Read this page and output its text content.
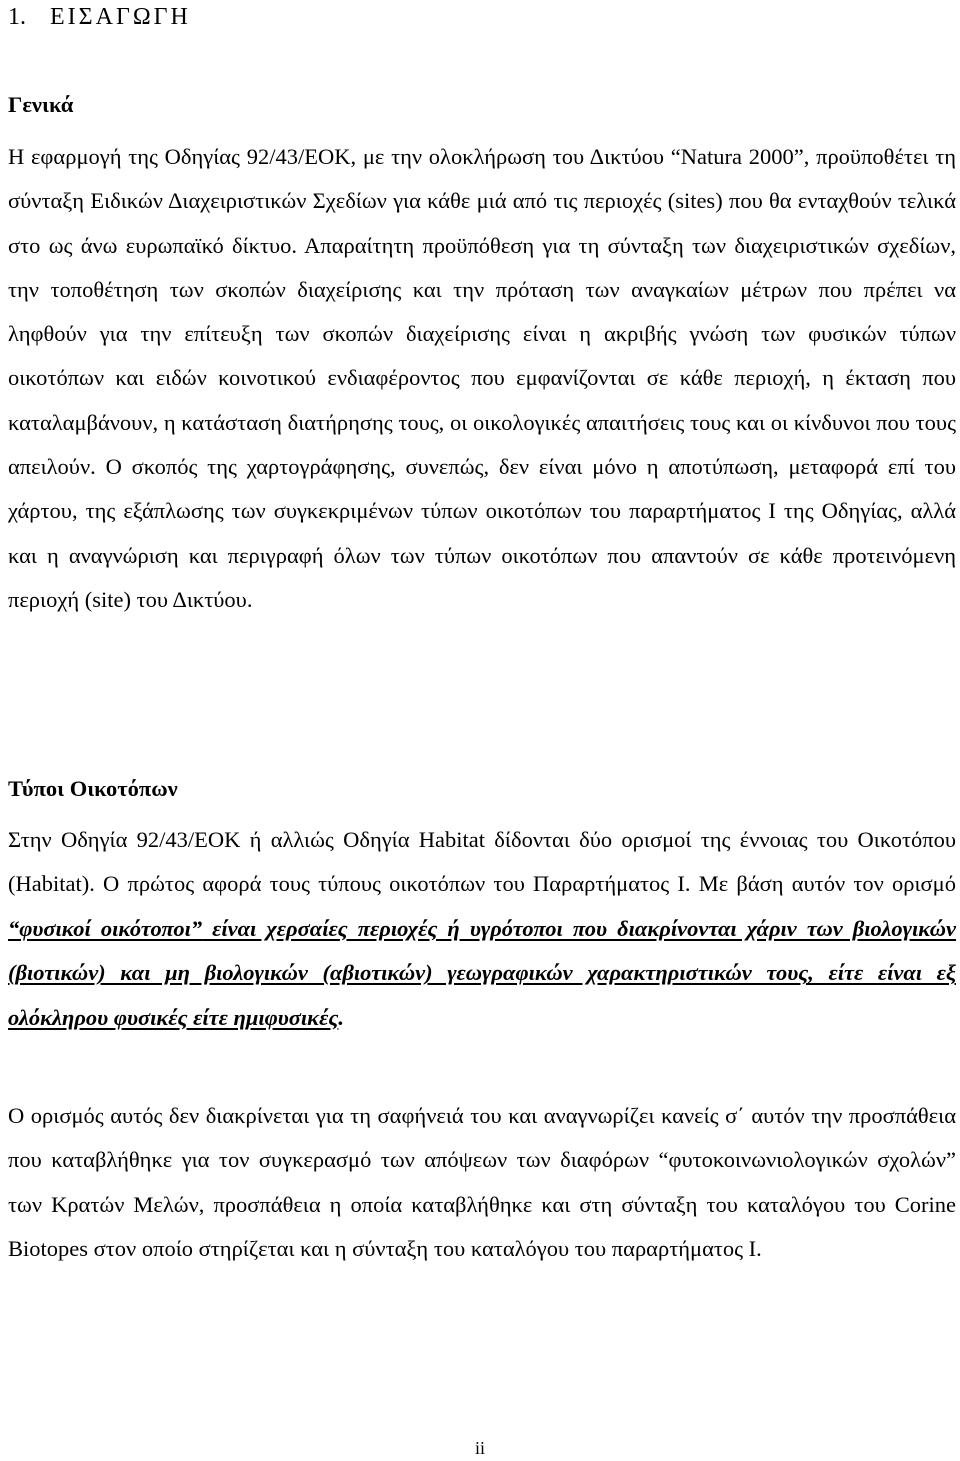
1. ΕΙΣΑΓΩΓΗ
Γενικά

Η εφαρμογή της Οδηγίας 92/43/ΕΟΚ, με την ολοκλήρωση του Δικτύου “Natura 2000”, προϋποθέτει τη σύνταξη Ειδικών Διαχειριστικών Σχεδίων για κάθε μιά από τις περιοχές (sites) που θα ενταχθούν τελικά στο ως άνω ευρωπαϊκό δίκτυο. Απαραίτητη προϋπόθεση για τη σύνταξη των διαχειριστικών σχεδίων, την τοποθέτηση των σκοπών διαχείρισης και την πρόταση των αναγκαίων μέτρων που πρέπει να ληφθούν για την επίτευξη των σκοπών διαχείρισης είναι η ακριβής γνώση των φυσικών τύπων οικοτόπων και ειδών κοινοτικού ενδιαφέροντος που εμφανίζονται σε κάθε περιοχή, η έκταση που καταλαμβάνουν, η κατάσταση διατήρησης τους, οι οικολογικές απαιτήσεις τους και οι κίνδυνοι που τους απειλούν. Ο σκοπός της χαρτογράφησης, συνεπώς, δεν είναι μόνο η αποτύπωση, μεταφορά επί του χάρτου, της εξάπλωσης των συγκεκριμένων τύπων οικοτόπων του παραρτήματος Ι της Οδηγίας, αλλά και η αναγνώριση και περιγραφή όλων των τύπων οικοτόπων που απαντούν σε κάθε προτεινόμενη περιοχή (site) του Δικτύου.

Τύποι Οικοτόπων

Στην Οδηγία 92/43/ΕΟΚ ή αλλιώς Οδηγία Habitat δίδονται δύο ορισμοί της έννοιας του Οικοτόπου (Habitat). Ο πρώτος αφορά τους τύπους οικοτόπων του Παραρτήματος Ι. Με βάση αυτόν τον ορισμό “φυσικοί οικότοποι” είναι χερσαίες περιοχές ή υγρότοποι που διακρίνονται χάριν των βιολογικών (βιοτικών) και μη βιολογικών (αβιοτικών) γεωγραφικών χαρακτηριστικών τους, είτε είναι εξ ολόκληρου φυσικές είτε ημιφυσικές.

Ο ορισμός αυτός δεν διακρίνεται για τη σαφήνειά του και αναγνωρίζει κανείς σ΄ αυτόν την προσπάθεια που καταβλήθηκε για τον συγκερασμό των απόψεων των διαφόρων “φυτοκοινωνιολογικών σχολών” των Κρατών Μελών, προσπάθεια η οποία καταβλήθηκε και στη σύνταξη του καταλόγου του Corine Biotopes στον οποίο στηρίζεται και η σύνταξη του καταλόγου του παραρτήματος Ι.

ii
